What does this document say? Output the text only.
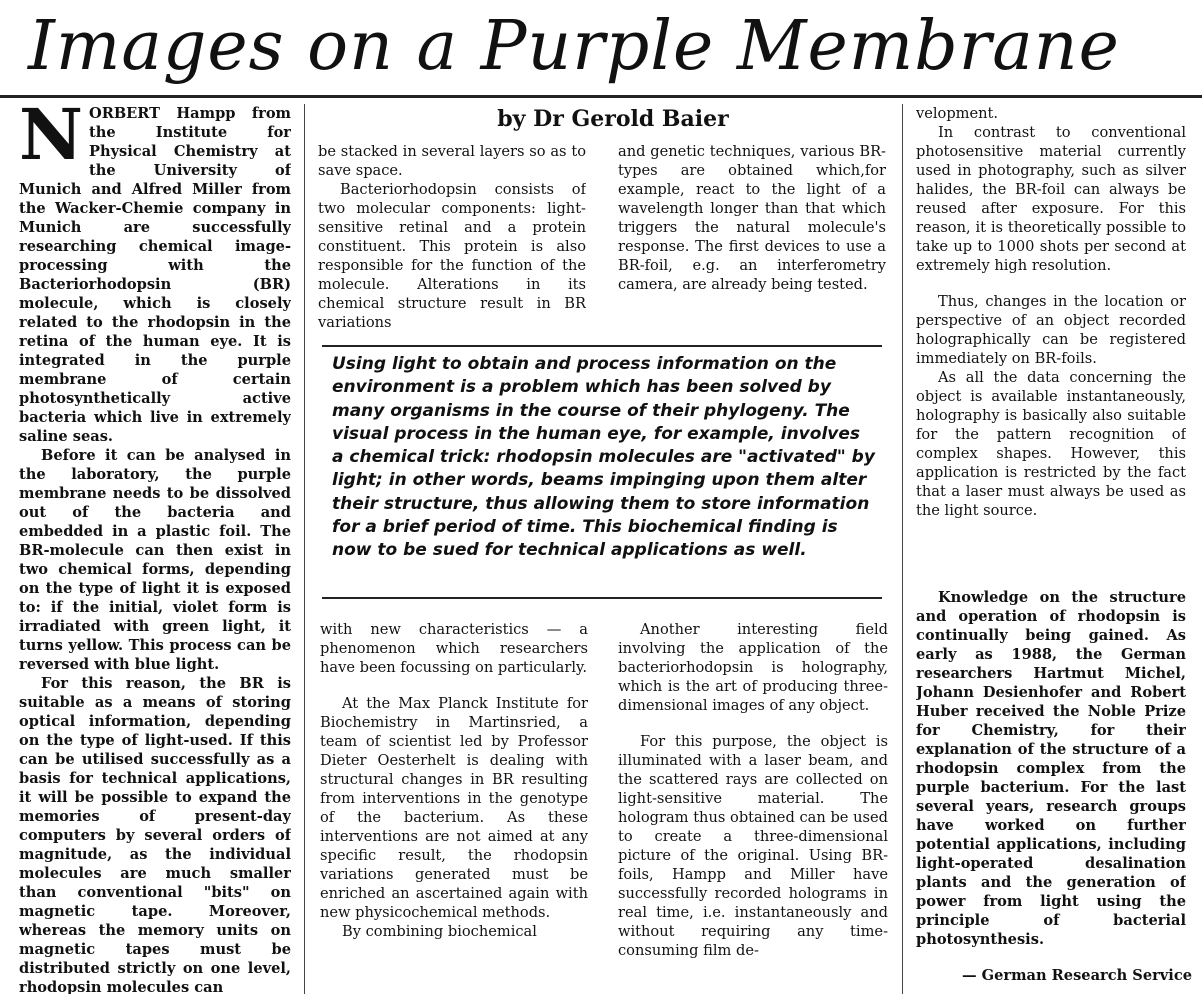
Images on a Purple Membrane

NORBERT Hampp from the Institute for Physical Chemistry at the University of Munich and Alfred Miller from the Wacker-Chemie company in Munich are successfully researching chemical image-processing with the Bacteriorhodopsin (BR) molecule, which is closely related to the rhodopsin in the retina of the human eye. It is integrated in the purple membrane of certain photosynthetically active bacteria which live in extremely saline seas.

Before it can be analysed in the laboratory, the purple membrane needs to be dissolved out of the bacteria and embedded in a plastic foil. The BR-molecule can then exist in two chemical forms, depending on the type of light it is exposed to: if the initial, violet form is irradiated with green light, it turns yellow. This process can be reversed with blue light.

For this reason, the BR is suitable as a means of storing optical information, depending on the type of light-used. If this can be utilised successfully as a basis for technical applications, it will be possible to expand the memories of present-day computers by several orders of magnitude, as the individual molecules are much smaller than conventional "bits" on magnetic tape. Moreover, whereas the memory units on magnetic tapes must be distributed strictly on one level, rhodopsin molecules can

by Dr Gerold Baier

be stacked in several layers so as to save space.

Bacteriorhodopsin consists of two molecular components: light-sensitive retinal and a protein constituent. This protein is also responsible for the function of the molecule. Alterations in its chemical structure result in BR variations

and genetic techniques, various BR-types are obtained which,for example, react to the light of a wavelength longer than that which triggers the natural molecule's response. The first devices to use a BR-foil, e.g. an interferometry camera, are already being tested.

Using light to obtain and process information on the environment is a problem which has been solved by many organisms in the course of their phylogeny. The visual process in the human eye, for example, involves a chemical trick: rhodopsin molecules are "activated" by light; in other words, beams impinging upon them alter their structure, thus allowing them to store information for a brief period of time. This biochemical finding is now to be sued for technical applications as well.

with new characteristics — a phenomenon which researchers have been focussing on particularly.

At the Max Planck Institute for Biochemistry in Martinsried, a team of scientist led by Professor Dieter Oesterhelt is dealing with structural changes in BR resulting from interventions in the genotype of the bacterium. As these interventions are not aimed at any specific result, the rhodopsin variations generated must be enriched an ascertained again with new physicochemical methods.

By combining biochemical

Another interesting field involving the application of the bacteriorhodopsin is holography, which is the art of producing three-dimensional images of any object.

For this purpose, the object is illuminated with a laser beam, and the scattered rays are collected on light-sensitive material. The hologram thus obtained can be used to create a three-dimensional picture of the original. Using BR-foils, Hampp and Miller have successfully recorded holograms in real time, i.e. instantaneously and without requiring any time-consuming film de-

velopment.

In contrast to conventional photosensitive material currently used in photography, such as silver halides, the BR-foil can always be reused after exposure. For this reason, it is theoretically possible to take up to 1000 shots per second at extremely high resolution.

Thus, changes in the location or perspective of an object recorded holographically can be registered immediately on BR-foils.

As all the data concerning the object is available instantaneously, holography is basically also suitable for the pattern recognition of complex shapes. However, this application is restricted by the fact that a laser must always be used as the light source.

Knowledge on the structure and operation of rhodopsin is continually being gained. As early as 1988, the German researchers Hartmut Michel, Johann Desienhofer and Robert Huber received the Noble Prize for Chemistry, for their explanation of the structure of a rhodopsin complex from the purple bacterium. For the last several years, research groups have worked on further potential applications, including light-operated desalination plants and the generation of power from light using the principle of bacterial photosynthesis.

— German Research Service
